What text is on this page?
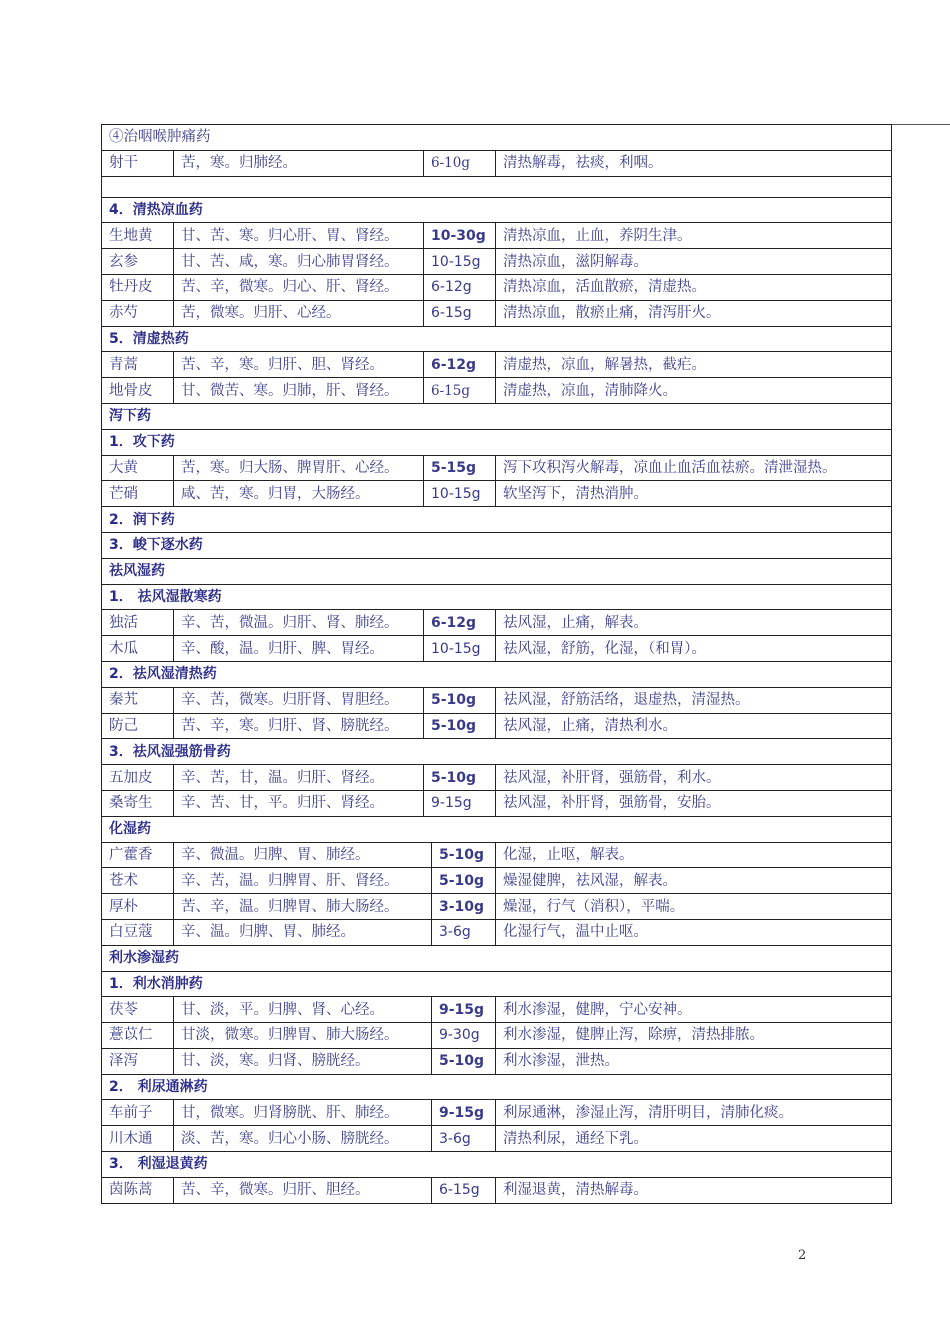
④治咽喉肿痛药				
射干	苦，寒。归肺经。	6-10g		清热解毒，祛痰，利咽。

4．清热凉血药				
生地黄	甘、苦、寒。归心肝、胃、肾经。	10-30g		清热凉血，止血，养阴生津。
玄参	甘、苦、咸，寒。归心肺胃肾经。	10-15g		清热凉血，滋阴解毒。
牡丹皮	苦、辛，微寒。归心、肝、肾经。	6-12g		清热凉血，活血散瘀，清虚热。
赤芍	苦，微寒。归肝、心经。	6-15g		清热凉血，散瘀止痛，清泻肝火。
5．清虚热药				
青蒿	苦、辛，寒。归肝、胆、肾经。	6-12g		清虚热，凉血，解暑热，截疟。
地骨皮	甘、微苦、寒。归肺，肝、肾经。	6-15g		清虚热，凉血，清肺降火。
泻下药				
1．攻下药				
大黄	苦，寒。归大肠、脾胃肝、心经。	5-15g		泻下攻积泻火解毒，凉血止血活血祛瘀。清泄湿热。
芒硝	咸、苦，寒。归胃，大肠经。	10-15g		软坚泻下，清热消肿。
2．润下药				
3．峻下逐水药				
祛风湿药				
1． 祛风湿散寒药				
独活	辛、苦，微温。归肝、肾、肺经。	6-12g		祛风湿，止痛，解表。
木瓜	辛、酸，温。归肝、脾、胃经。	10-15g		祛风湿，舒筋，化湿，（和胃）。
2．祛风湿清热药				
秦艽	辛、苦，微寒。归肝肾、胃胆经。	5-10g		祛风湿，舒筋活络，退虚热，清湿热。
防己	苦、辛，寒。归肝、肾、膀胱经。	5-10g		祛风湿，止痛，清热利水。
3．祛风湿强筋骨药				
五加皮	辛、苦，甘，温。归肝、肾经。	5-10g		祛风湿，补肝肾，强筋骨，利水。
桑寄生	辛、苦、甘，平。归肝、肾经。	9-15g		祛风湿，补肝肾，强筋骨，安胎。
化湿药				
广藿香	辛、微温。归脾、胃、肺经。		5-10g	化湿，止呕，解表。
苍术	辛、苦，温。归脾胃、肝、肾经。		5-10g	燥湿健脾，祛风湿，解表。
厚朴	苦、辛，温。归脾胃、肺大肠经。		3-10g	燥湿，行气（消积），平喘。
白豆蔻	辛、温。归脾、胃、肺经。		3-6g	化湿行气，温中止呕。
利水渗湿药				
1．利水消肿药				
茯苓	甘、淡，平。归脾、肾、心经。		9-15g	利水渗湿，健脾，宁心安神。
薏苡仁	甘淡，微寒。归脾胃、肺大肠经。		9-30g	利水渗湿，健脾止泻，除痹，清热排脓。
泽泻	甘、淡，寒。归肾、膀胱经。		5-10g	利水渗湿，泄热。
2． 利尿通淋药				
车前子	甘，微寒。归肾膀胱、肝、肺经。		9-15g	利尿通淋，渗湿止泻，清肝明目，清肺化痰。
川木通	淡、苦，寒。归心小肠、膀胱经。		3-6g	清热利尿，通经下乳。
3． 利湿退黄药				
茵陈蒿	苦、辛，微寒。归肝、胆经。		6-15g	利湿退黄，清热解毒。
2
